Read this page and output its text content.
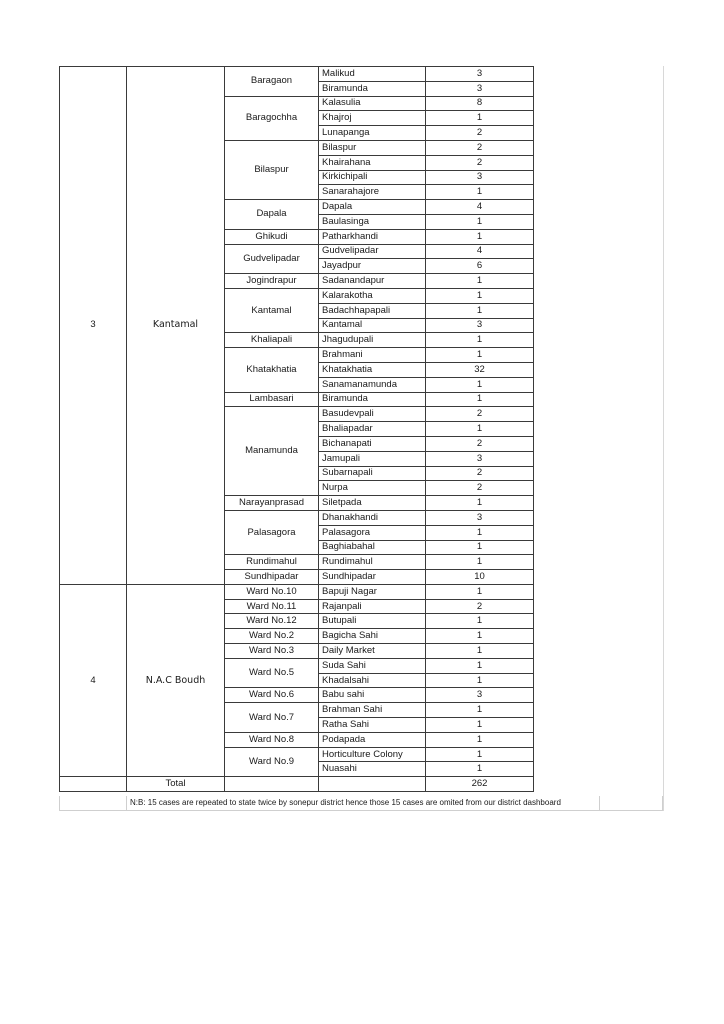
3	Kantamal	Baragaon	Malikud	3
			Biramunda	3
		Baragochha	Kalasulia	8
			Khajroj	1
			Lunapanga	2
		Bilaspur	Bilaspur	2
			Khairahana	2
			Kirkichipali	3
			Sanarahajore	1
		Dapala	Dapala	4
			Baulasinga	1
		Ghikudi	Patharkhandi	1
		Gudvelipadar	Gudvelipadar	4
			Jayadpur	6
		Jogindrapur	Sadanandapur	1
		Kantamal	Kalarakotha	1
			Badachhapapali	1
			Kantamal	3
		Khaliapali	Jhagudupali	1
		Khatakhatia	Brahmani	1
			Khatakhatia	32
			Sanamanamunda	1
		Lambasari	Biramunda	1
		Manamunda	Basudevpali	2
			Bhaliapadar	1
			Bichanapati	2
			Jamupali	3
			Subarnapali	2
			Nurpa	2
		Narayanprasad	Siletpada	1
		Palasagora	Dhanakhandi	3
			Palasagora	1
			Baghiabahal	1
		Rundimahul	Rundimahul	1
		Sundhipadar	Sundhipadar	10
4	N.A.C Boudh	Ward No.10	Bapuji Nagar	1
		Ward No.11	Rajanpali	2
		Ward No.12	Butupali	1
		Ward No.2	Bagicha Sahi	1
		Ward No.3	Daily Market	1
		Ward No.5	Suda Sahi	1
			Khadalsahi	1
		Ward No.6	Babu sahi	3
		Ward No.7	Brahman Sahi	1
			Ratha Sahi	1
		Ward No.8	Podapada	1
		Ward No.9	Horticulture Colony	1
			Nuasahi	1
	Total			262
N:B: 15 cases are repeated to state twice by sonepur district hence those 15 cases are omited from our district dashboard
